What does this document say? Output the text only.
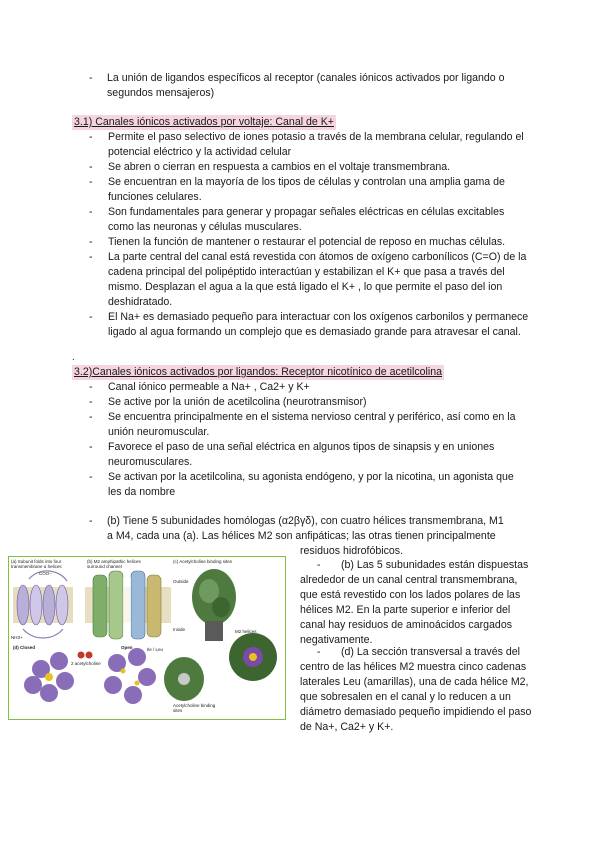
-	La unión de ligandos específicos al receptor (canales iónicos activados por ligando o segundos mensajeros)
3.1) Canales iónicos activados por voltaje: Canal de K+
-	Permite el paso selectivo de iones potasio a través de la membrana celular, regulando el potencial eléctrico y la actividad celular
-	Se abren o cierran en respuesta a cambios en el voltaje transmembrana.
-	Se encuentran en la mayoría de los tipos de células y controlan una amplia gama de funciones celulares.
-	Son fundamentales para generar y propagar señales eléctricas en células excitables como las neuronas y células musculares.
-	Tienen la función de mantener o restaurar el potencial de reposo en muchas células.
-	La parte central del canal está revestida con átomos de oxígeno carbonílicos (C=O) de la cadena principal del polipéptido interactúan y estabilizan el K+ que pasa a través del mismo. Desplazan el agua a la que está ligado el K+ , lo que permite el paso del ion deshidratado.
-	El Na+ es demasiado pequeño para interactuar con los oxígenos carbonilos y permanece ligado al agua formando un complejo que es demasiado grande para atravesar el canal.
.
3.2)Canales iónicos activados por ligandos: Receptor nicotínico de acetilcolina
-	Canal iónico permeable a Na+ , Ca2+ y K+
-	Se active por la unión de acetilcolina (neurotransmisor)
-	Se encuentra principalmente en el sistema nervioso central y periférico, así como en la unión neuromuscular.
-	Favorece el paso de una señal eléctrica en algunos tipos de sinapsis y en uniones neuromusculares.
-	Se activan por la acetilcolina, su agonista endógeno, y por la nicotina, un agonista que les da nombre
-	(b) Tiene 5 subunidades homólogas (α2βγδ), con cuatro hélices transmembrana, M1
a M4, cada una (a). Las hélices M2 son anfipáticas; las otras tienen principalmente
residuos hidrofóbicos.
- (b) Las 5 subunidades están dispuestas alrededor de un canal central transmembrana, que está revestido con los lados polares de las hélices M2. En la parte superior e inferior del canal hay residuos de aminoácidos cargados negativamente.
- (d) La sección transversal a través del centro de las hélices M2 muestra cinco cadenas laterales Leu (amarillas), una de cada hélice M2, que sobresalen en el canal y lo reducen a un diámetro demasiado pequeño impidiendo el paso de Na+, Ca2+ y K+.
(a) Subunit folds into four transmembrane α helices
(b) M2 amphipathic helices surround channel
(c) Acetylcholine binding sites
COO−
NH3+
Outside
Inside
(d) Closed	Open
2 acetylcholine
Ile / Leu
M2 helices
Acetylcholine binding sites
